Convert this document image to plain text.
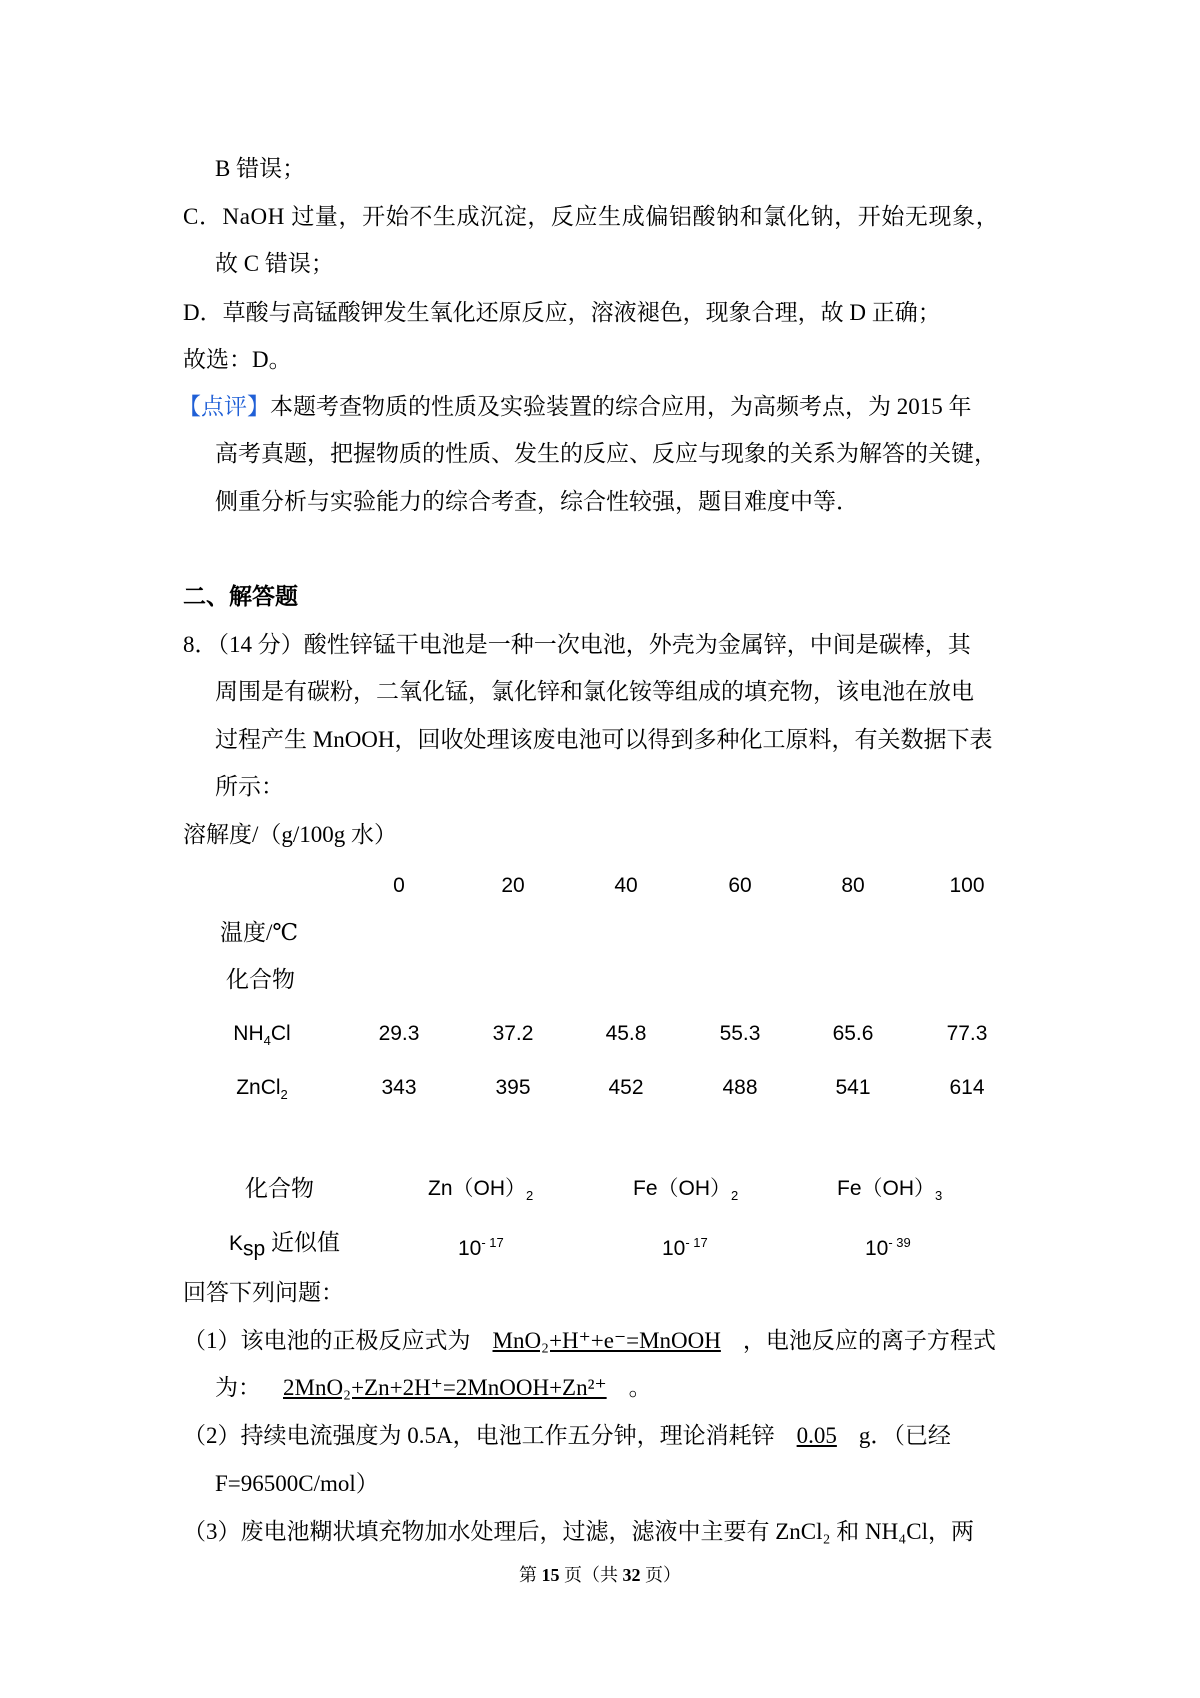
B 错误；
C．NaOH 过量，开始不生成沉淀，反应生成偏铝酸钠和氯化钠，开始无现象，
故 C 错误；
D．草酸与高锰酸钾发生氧化还原反应，溶液褪色，现象合理，故 D 正确；
故选：D。
【点评】本题考查物质的性质及实验装置的综合应用，为高频考点，为 2015 年
高考真题，把握物质的性质、发生的反应、反应与现象的关系为解答的关键，
侧重分析与实验能力的综合考查，综合性较强，题目难度中等．
二、解答题
8．（14 分）酸性锌锰干电池是一种一次电池，外壳为金属锌，中间是碳棒，其
周围是有碳粉，二氧化锰，氯化锌和氯化铵等组成的填充物，该电池在放电
过程产生 MnOOH，回收处理该废电池可以得到多种化工原料，有关数据下表
所示：
溶解度/（g/100g 水）
0	20	40	60	80	100
温度/℃
化合物
$NH_4Cl$	29.3	37.2	45.8	55.3	65.6	77.3
ZnCl$_2$	343	395	452	488	541	614
化合物	$Zn(OH)_2$	$Fe(OH)_2$	$Fe(OH)_3$
$K_{sp}$ 近似值	$10^{- 17}$	$10^{- 17}$	$10^{- 39}$
回答下列问题：
（1）该电池的正极反应式为 MnO₂+H⁺+e⁻=MnOOH ，电池反应的离子方程式
为： 2MnO₂+Zn+2H⁺=2MnOOH+Zn²⁺ 。
（2）持续电流强度为 0.5A，电池工作五分钟，理论消耗锌 0.05 g．（已经
F=96500C/mol）
（3）废电池糊状填充物加水处理后，过滤，滤液中主要有 ZnCl₂ 和 NH₄Cl，两
第 15 页（共 32 页）
